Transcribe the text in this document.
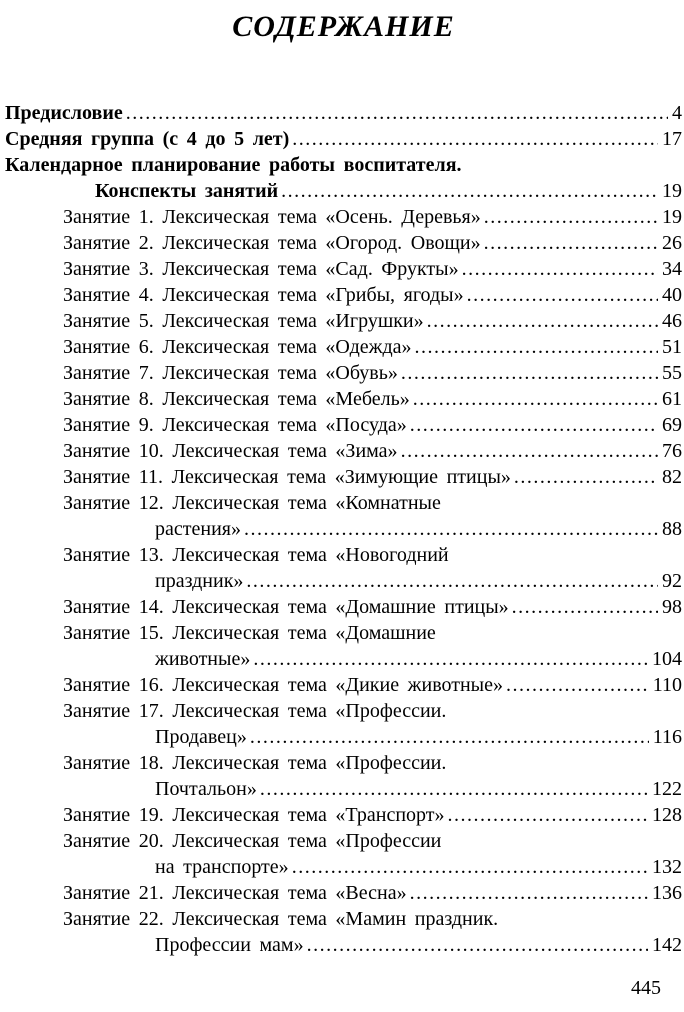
СОДЕРЖАНИЕ
Предисловие .....	4
Средняя группа (с 4 до 5 лет) .....	17
Календарное планирование работы воспитателя.
Конспекты занятий .....	19
Занятие 1. Лексическая тема «Осень. Деревья» .....	19
Занятие 2. Лексическая тема «Огород. Овощи» .....	26
Занятие 3. Лексическая тема «Сад. Фрукты» .....	34
Занятие 4. Лексическая тема «Грибы, ягоды» .....	40
Занятие 5. Лексическая тема «Игрушки» .....	46
Занятие 6. Лексическая тема «Одежда» .....	51
Занятие 7. Лексическая тема «Обувь» .....	55
Занятие 8. Лексическая тема «Мебель» .....	61
Занятие 9. Лексическая тема «Посуда» .....	69
Занятие 10. Лексическая тема «Зима» .....	76
Занятие 11. Лексическая тема «Зимующие птицы» .....	82
Занятие 12. Лексическая тема «Комнатные
растения» .....	88
Занятие 13. Лексическая тема «Новогодний
праздник» .....	92
Занятие 14. Лексическая тема «Домашние птицы» .....	98
Занятие 15. Лексическая тема «Домашние
животные» .....	104
Занятие 16. Лексическая тема «Дикие животные» .....	110
Занятие 17. Лексическая тема «Профессии.
Продавец» .....	116
Занятие 18. Лексическая тема «Профессии.
Почтальон» .....	122
Занятие 19. Лексическая тема «Транспорт» .....	128
Занятие 20. Лексическая тема «Профессии
на транспорте» .....	132
Занятие 21. Лексическая тема «Весна» .....	136
Занятие 22. Лексическая тема «Мамин праздник.
Профессии мам» .....	142
445
